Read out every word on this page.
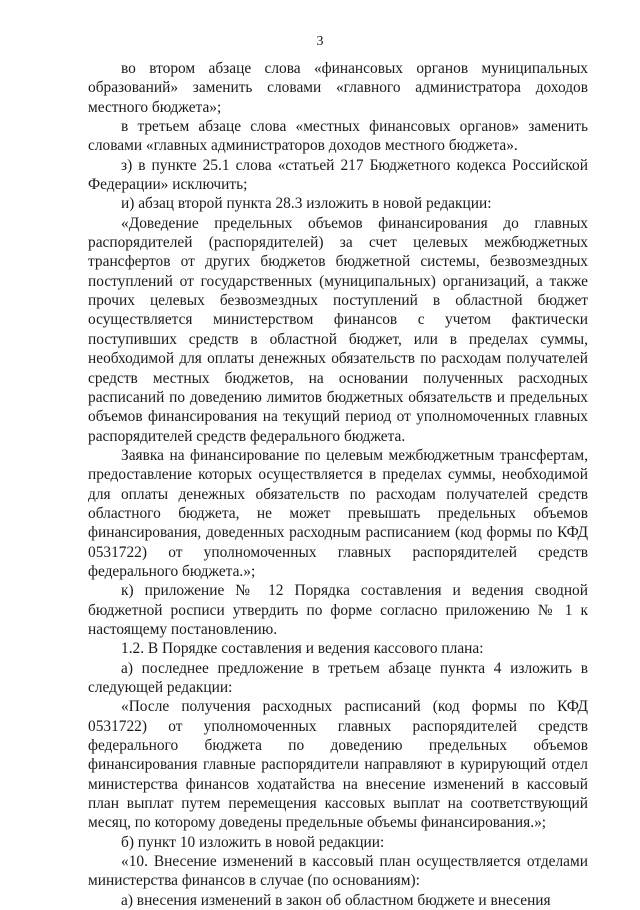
3

во втором абзаце слова «финансовых органов муниципальных образований» заменить словами «главного администратора доходов местного бюджета»;

в третьем абзаце слова «местных финансовых органов» заменить словами «главных администраторов доходов местного бюджета».

з) в пункте 25.1 слова «статьей 217 Бюджетного кодекса Российской Федерации» исключить;

и) абзац второй пункта 28.3 изложить в новой редакции:

«Доведение предельных объемов финансирования до главных распорядителей (распорядителей) за счет целевых межбюджетных трансфертов от других бюджетов бюджетной системы, безвозмездных поступлений от государственных (муниципальных) организаций, а также прочих целевых безвозмездных поступлений в областной бюджет осуществляется министерством финансов с учетом фактически поступивших средств в областной бюджет, или в пределах суммы, необходимой для оплаты денежных обязательств по расходам получателей средств местных бюджетов, на основании полученных расходных расписаний по доведению лимитов бюджетных обязательств и предельных объемов финансирования на текущий период от уполномоченных главных распорядителей средств федерального бюджета.

Заявка на финансирование по целевым межбюджетным трансфертам, предоставление которых осуществляется в пределах суммы, необходимой для оплаты денежных обязательств по расходам получателей средств областного бюджета, не может превышать предельных объемов финансирования, доведенных расходным расписанием (код формы по КФД 0531722) от уполномоченных главных распорядителей средств федерального бюджета.»;

к) приложение № 12 Порядка составления и ведения сводной бюджетной росписи утвердить по форме согласно приложению № 1 к настоящему постановлению.

1.2. В Порядке составления и ведения кассового плана:

а) последнее предложение в третьем абзаце пункта 4 изложить в следующей редакции:

«После получения расходных расписаний (код формы по КФД 0531722) от уполномоченных главных распорядителей средств федерального бюджета по доведению предельных объемов финансирования главные распорядители направляют в курирующий отдел министерства финансов ходатайства на внесение изменений в кассовый план выплат путем перемещения кассовых выплат на соответствующий месяц, по которому доведены предельные объемы финансирования.»;

б) пункт 10 изложить в новой редакции:

«10. Внесение изменений в кассовый план осуществляется отделами министерства финансов в случае (по основаниям):

а) внесения изменений в закон об областном бюджете и внесения
